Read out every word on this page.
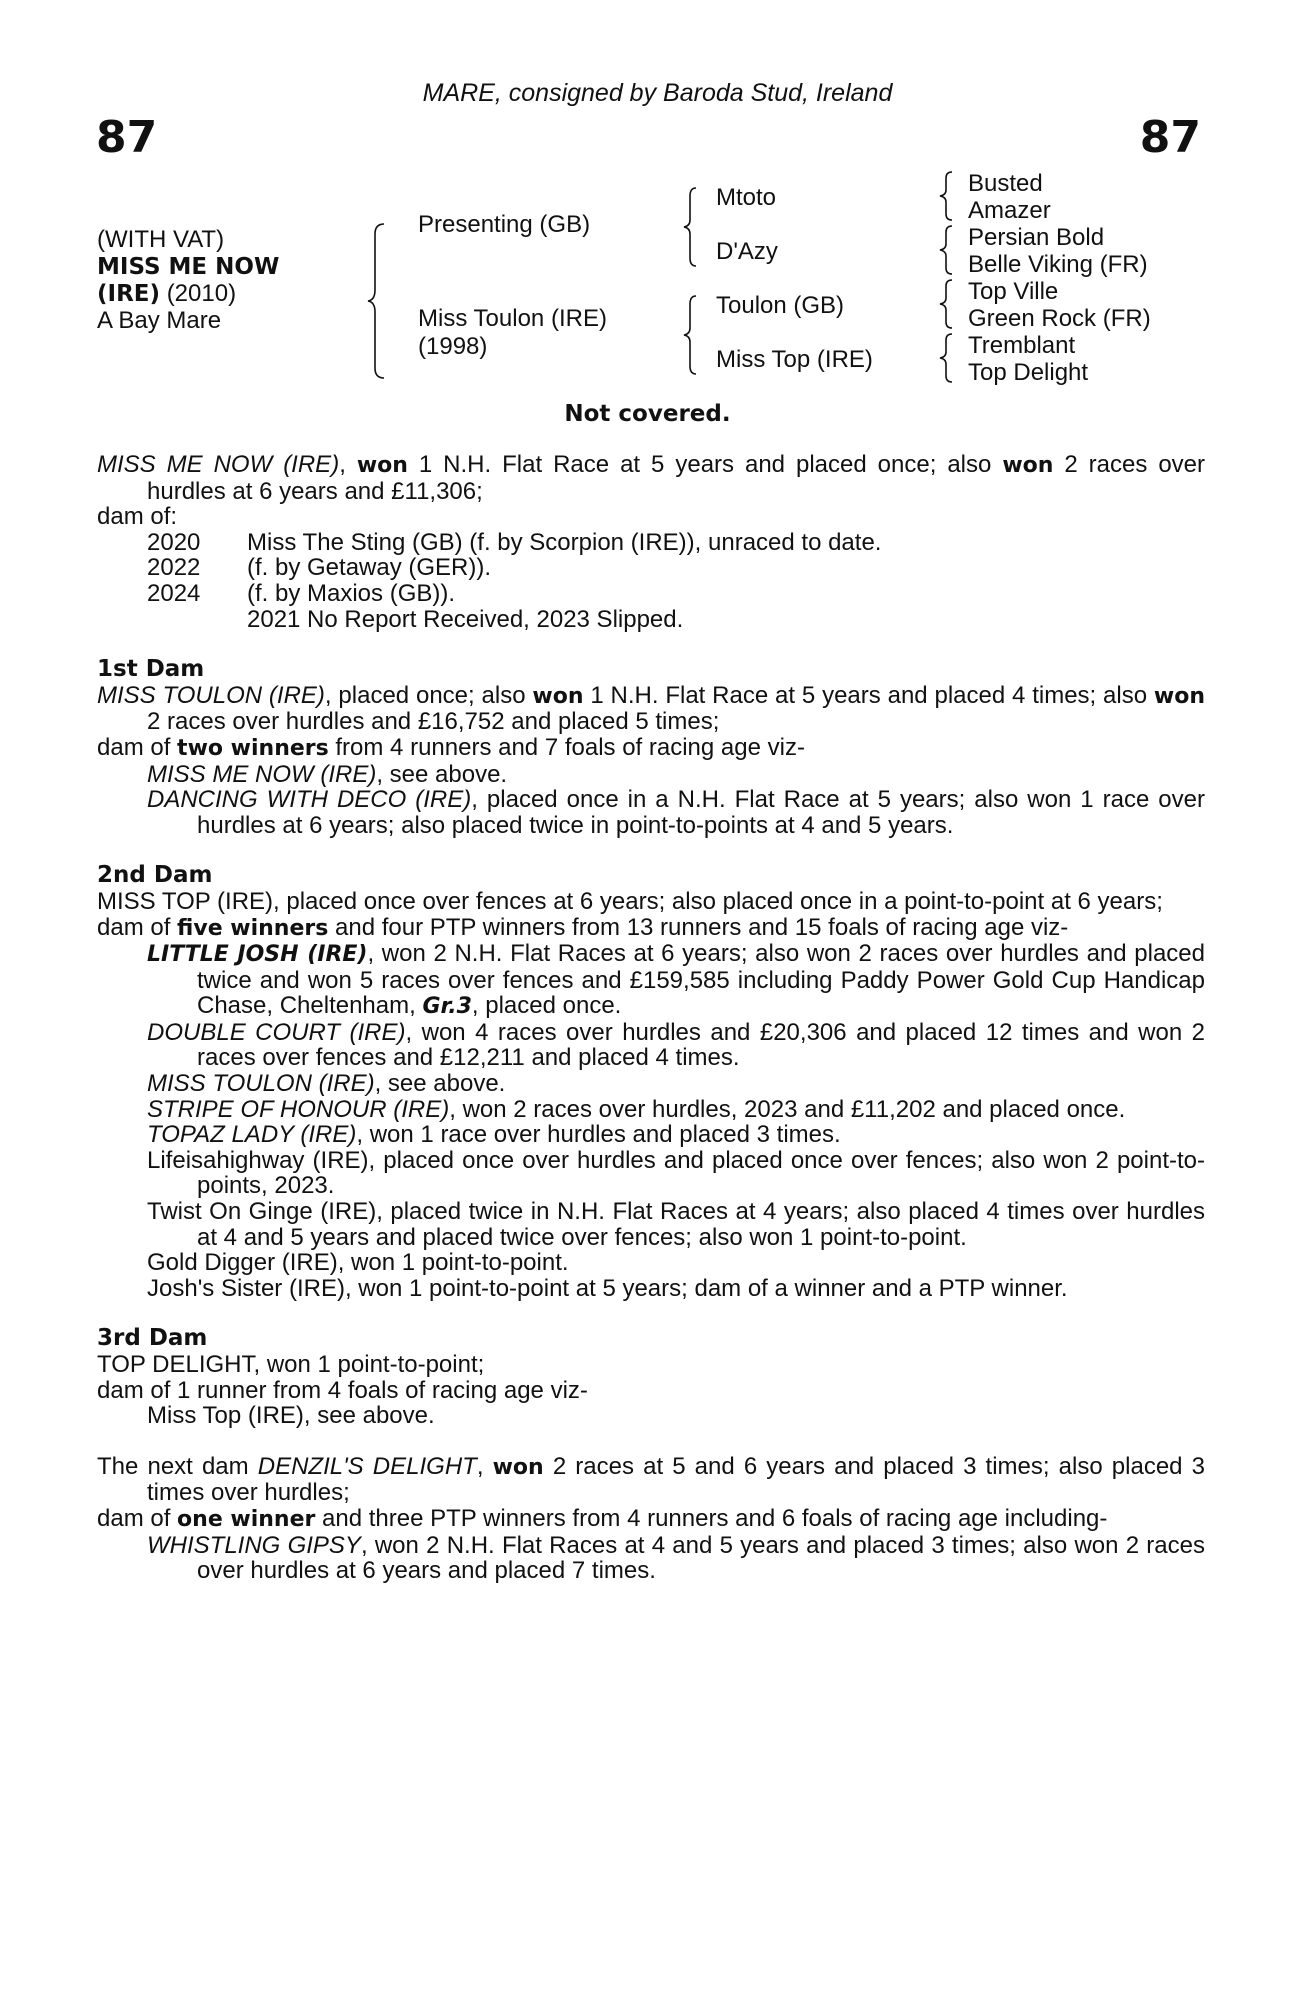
MARE, consigned by Baroda Stud, Ireland
87	87
(WITH VAT)
MISS ME NOW
(IRE) (2010)
A Bay Mare
Presenting (GB)
Miss Toulon (IRE)
(1998)
Mtoto
D'Azy
Toulon (GB)
Miss Top (IRE)
Busted
Amazer
Persian Bold
Belle Viking (FR)
Top Ville
Green Rock (FR)
Tremblant
Top Delight
Not covered.

MISS ME NOW (IRE), won 1 N.H. Flat Race at 5 years and placed once; also won 2 races over hurdles at 6 years and £11,306;

dam of:

2020	Miss The Sting (GB) (f. by Scorpion (IRE)), unraced to date.
2022	(f. by Getaway (GER)).
2024	(f. by Maxios (GB)).
2021 No Report Received, 2023 Slipped.

1st Dam

MISS TOULON (IRE), placed once; also won 1 N.H. Flat Race at 5 years and placed 4 times; also won 2 races over hurdles and £16,752 and placed 5 times;

dam of two winners from 4 runners and 7 foals of racing age viz-

MISS ME NOW (IRE), see above.

DANCING WITH DECO (IRE), placed once in a N.H. Flat Race at 5 years; also won 1 race over hurdles at 6 years; also placed twice in point-to-points at 4 and 5 years.

2nd Dam

MISS TOP (IRE), placed once over fences at 6 years; also placed once in a point-to-point at 6 years;

dam of five winners and four PTP winners from 13 runners and 15 foals of racing age viz-

LITTLE JOSH (IRE), won 2 N.H. Flat Races at 6 years; also won 2 races over hurdles and placed twice and won 5 races over fences and £159,585 including Paddy Power Gold Cup Handicap Chase, Cheltenham, Gr.3, placed once.

DOUBLE COURT (IRE), won 4 races over hurdles and £20,306 and placed 12 times and won 2 races over fences and £12,211 and placed 4 times.

MISS TOULON (IRE), see above.

STRIPE OF HONOUR (IRE), won 2 races over hurdles, 2023 and £11,202 and placed once.

TOPAZ LADY (IRE), won 1 race over hurdles and placed 3 times.

Lifeisahighway (IRE), placed once over hurdles and placed once over fences; also won 2 point-to-points, 2023.

Twist On Ginge (IRE), placed twice in N.H. Flat Races at 4 years; also placed 4 times over hurdles at 4 and 5 years and placed twice over fences; also won 1 point-to-point.

Gold Digger (IRE), won 1 point-to-point.

Josh's Sister (IRE), won 1 point-to-point at 5 years; dam of a winner and a PTP winner.

3rd Dam

TOP DELIGHT, won 1 point-to-point;

dam of 1 runner from 4 foals of racing age viz-

Miss Top (IRE), see above.

The next dam DENZIL'S DELIGHT, won 2 races at 5 and 6 years and placed 3 times; also placed 3 times over hurdles;

dam of one winner and three PTP winners from 4 runners and 6 foals of racing age including-

WHISTLING GIPSY, won 2 N.H. Flat Races at 4 and 5 years and placed 3 times; also won 2 races over hurdles at 6 years and placed 7 times.
